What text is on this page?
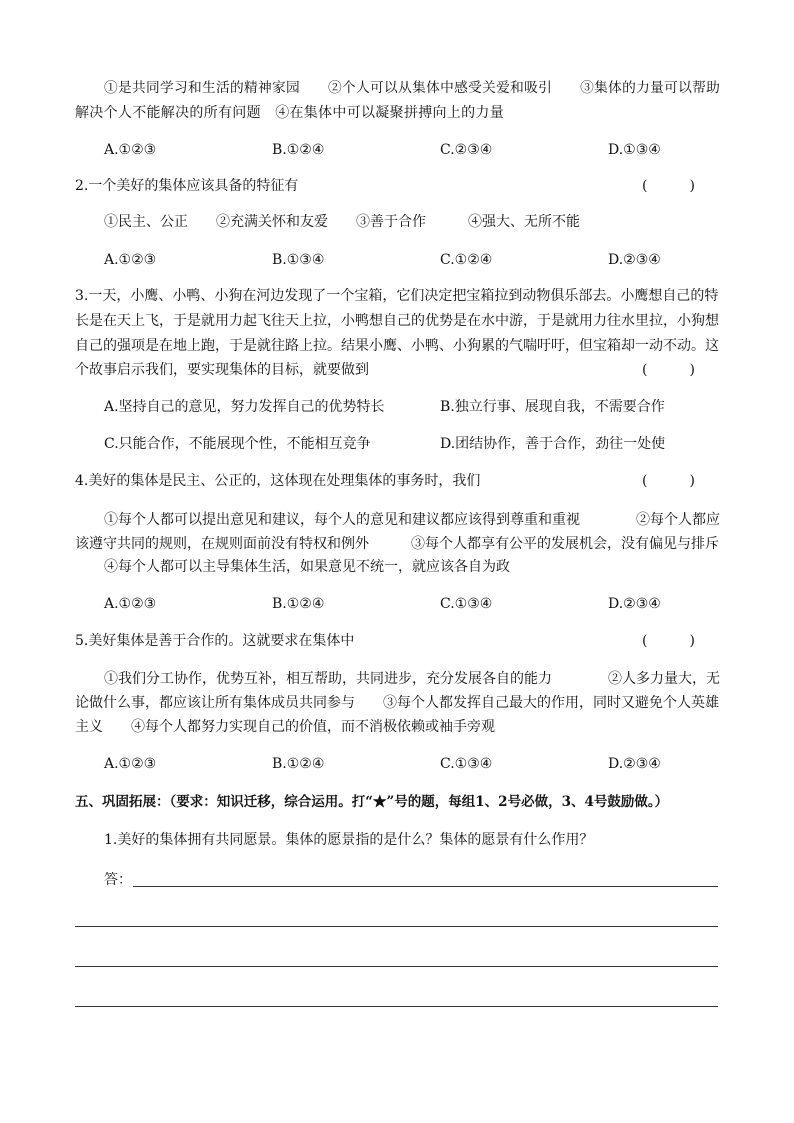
①是共同学习和生活的精神家园　　②个人可以从集体中感受关爱和吸引　　③集体的力量可以帮助
解决个人不能解决的所有问题　④在集体中可以凝聚拼搏向上的力量
A.①②③	B.①②④	C.②③④	D.①③④
2.一个美好的集体应该具备的特征有	(　　　)
①民主、公正　　②充满关怀和友爱　　③善于合作　　　④强大、无所不能
A.①②③	B.①③④	C.①②④	D.②③④
3.一天，小鹰、小鸭、小狗在河边发现了一个宝箱，它们决定把宝箱拉到动物俱乐部去。小鹰想自己的特
长是在天上飞，于是就用力起飞往天上拉，小鸭想自己的优势是在水中游，于是就用力往水里拉，小狗想
自己的强项是在地上跑，于是就往路上拉。结果小鹰、小鸭、小狗累的气喘吁吁，但宝箱却一动不动。这
个故事启示我们，要实现集体的目标，就要做到	(　　　)
A.坚持自己的意见，努力发挥自己的优势特长	B.独立行事、展现自我，不需要合作
C.只能合作，不能展现个性，不能相互竞争	D.团结协作，善于合作，劲往一处使
4.美好的集体是民主、公正的，这体现在处理集体的事务时，我们	(　　　)
①每个人都可以提出意见和建议，每个人的意见和建议都应该得到尊重和重视　　　　②每个人都应
该遵守共同的规则，在规则面前没有特权和例外　　　③每个人都享有公平的发展机会，没有偏见与排斥
④每个人都可以主导集体生活，如果意见不统一，就应该各自为政
A.①②③	B.①②④	C.①③④	D.②③④
5.美好集体是善于合作的。这就要求在集体中	(　　　)
①我们分工协作，优势互补，相互帮助，共同进步，充分发展各自的能力　　　　②人多力量大，无
论做什么事，都应该让所有集体成员共同参与　　③每个人都发挥自己最大的作用，同时又避免个人英雄
主义　　④每个人都努力实现自己的价值，而不消极依赖或袖手旁观
A.①②③	B.①②④	C.①③④	D.②③④
五、巩固拓展：（要求：知识迁移，综合运用。打“★”号的题，每组1、2号必做，3、4号鼓励做。）
1.美好的集体拥有共同愿景。集体的愿景指的是什么？集体的愿景有什么作用？
答：
